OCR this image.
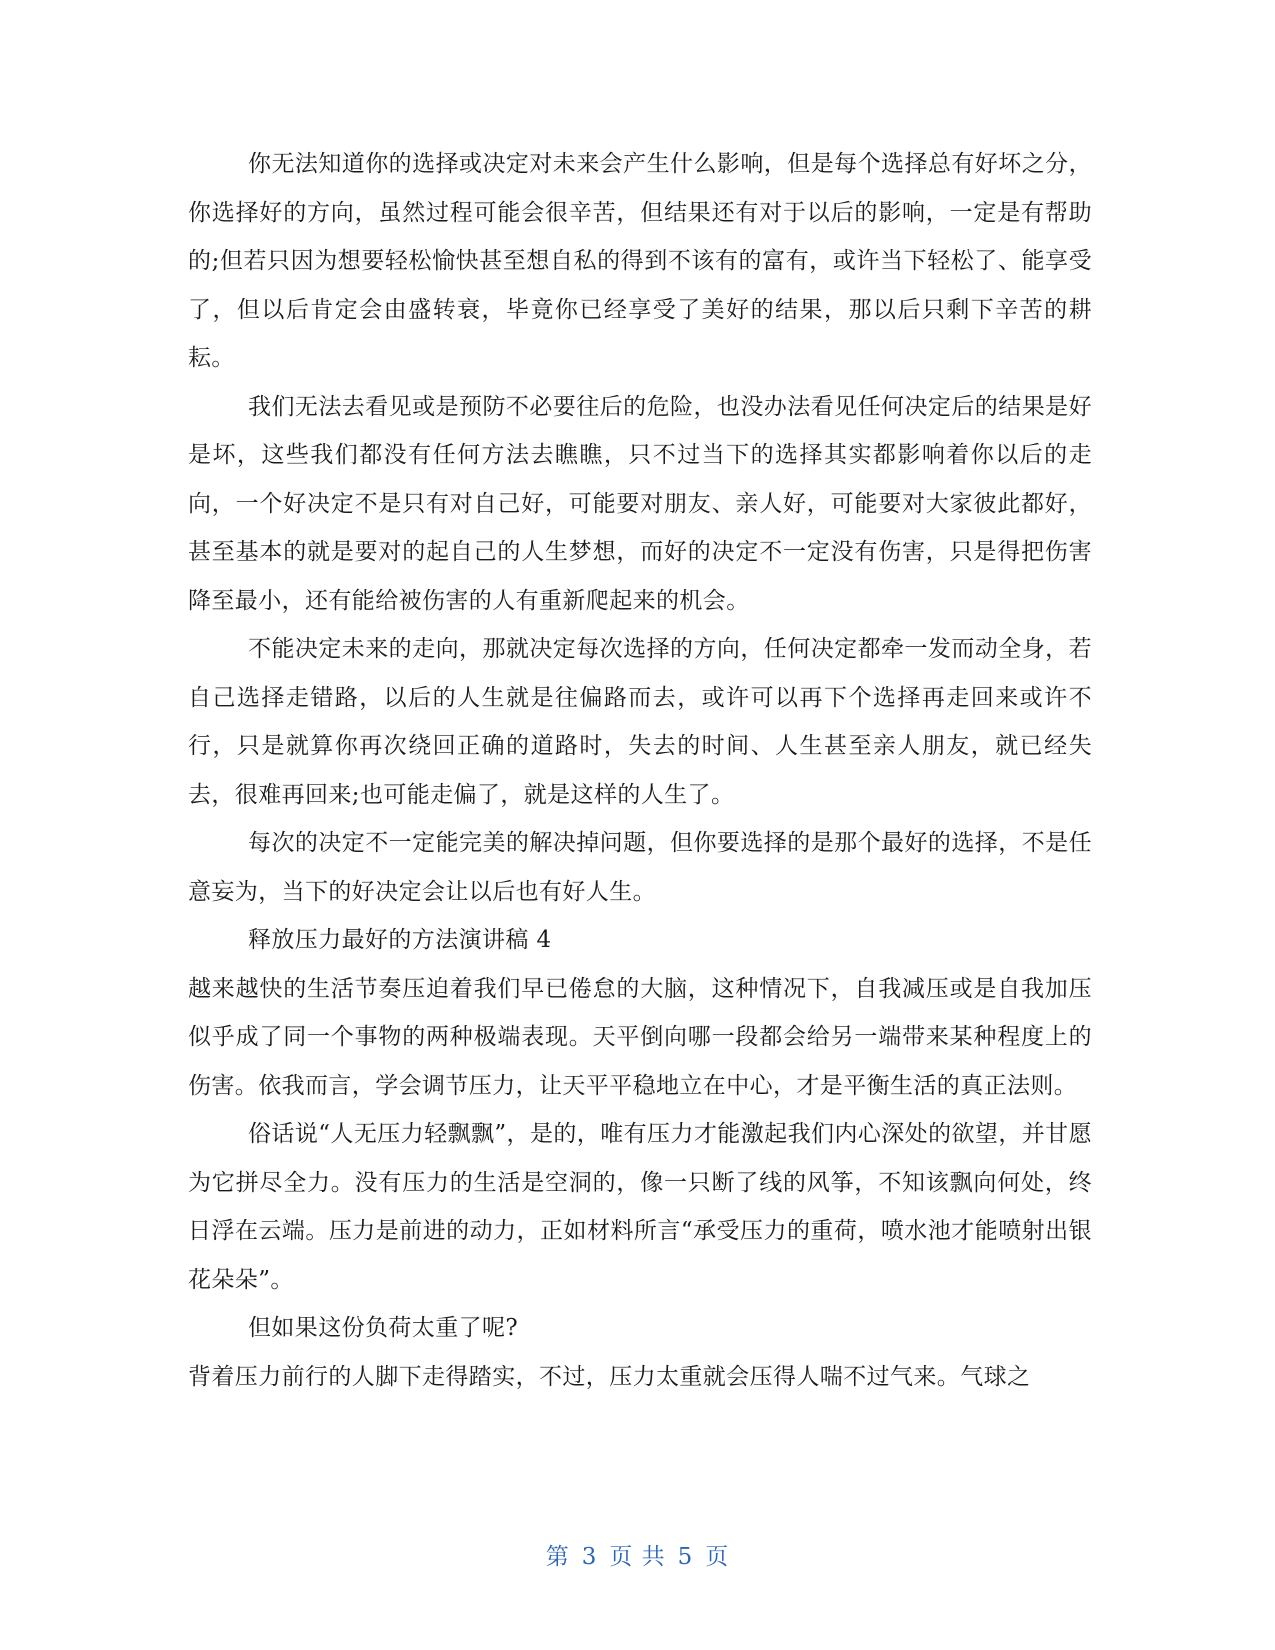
你无法知道你的选择或决定对未来会产生什么影响，但是每个选择总有好坏之分，你选择好的方向，虽然过程可能会很辛苦，但结果还有对于以后的影响，一定是有帮助的;但若只因为想要轻松愉快甚至想自私的得到不该有的富有，或许当下轻松了、能享受了，但以后肯定会由盛转衰，毕竟你已经享受了美好的结果，那以后只剩下辛苦的耕耘。

我们无法去看见或是预防不必要往后的危险，也没办法看见任何决定后的结果是好是坏，这些我们都没有任何方法去瞧瞧，只不过当下的选择其实都影响着你以后的走向，一个好决定不是只有对自己好，可能要对朋友、亲人好，可能要对大家彼此都好，甚至基本的就是要对的起自己的人生梦想，而好的决定不一定没有伤害，只是得把伤害降至最小，还有能给被伤害的人有重新爬起来的机会。

不能决定未来的走向，那就决定每次选择的方向，任何决定都牵一发而动全身，若自己选择走错路，以后的人生就是往偏路而去，或许可以再下个选择再走回来或许不行，只是就算你再次绕回正确的道路时，失去的时间、人生甚至亲人朋友，就已经失去，很难再回来;也可能走偏了，就是这样的人生了。

每次的决定不一定能完美的解决掉问题，但你要选择的是那个最好的选择，不是任意妄为，当下的好决定会让以后也有好人生。

释放压力最好的方法演讲稿 4

越来越快的生活节奏压迫着我们早已倦怠的大脑，这种情况下，自我减压或是自我加压似乎成了同一个事物的两种极端表现。天平倒向哪一段都会给另一端带来某种程度上的伤害。依我而言，学会调节压力，让天平平稳地立在中心，才是平衡生活的真正法则。

俗话说“人无压力轻飘飘”，是的，唯有压力才能激起我们内心深处的欲望，并甘愿为它拼尽全力。没有压力的生活是空洞的，像一只断了线的风筝，不知该飘向何处，终日浮在云端。压力是前进的动力，正如材料所言“承受压力的重荷，喷水池才能喷射出银花朵朵”。

但如果这份负荷太重了呢?

背着压力前行的人脚下走得踏实，不过，压力太重就会压得人喘不过气来。气球之

第 3 页 共 5 页
